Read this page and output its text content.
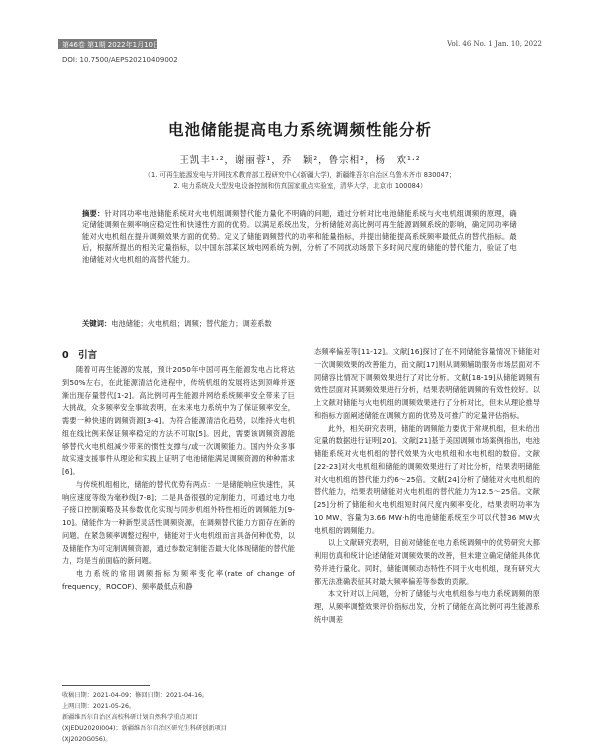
第46卷 第1期 2022年1月10日	Vol. 46 No. 1 Jan. 10, 2022
DOI: 10.7500/AEPS20210409002
电池储能提高电力系统调频性能分析
王凯丰¹·²，谢丽蓉¹，乔　颖²，鲁宗相²，杨　欢¹·²
（1. 可再生能源发电与并网技术教育部工程研究中心(新疆大学)，新疆维吾尔自治区乌鲁木齐市 830047；
2. 电力系统及大型发电设备控制和仿真国家重点实验室，清华大学，北京市 100084）
摘要：针对同功率电池储能系统对火电机组调频替代能力量化不明确的问题，通过分析对比电池储能系统与火电机组调频的原理，确定储能调频在频率响应稳定性和快速性方面的优势。以满足系统出发，分析储能对高比例可再生能源调频系统的影响，确定同功率储能对火电机组在提升调频效果方面的优势。定义了储能调频替代的功率和能量指标，并提出储能提高系统频率最低点的替代指标。最后，根据所提出的相关定量指标，以中国东部某区域电网系统为例，分析了不同扰动场景下多时间尺度的储能的替代能力，验证了电池储能对火电机组的高替代能力。
关键词：电池储能；火电机组；调频；替代能力；调差系数
0　引言

随着可再生能源的发展，预计2050年中国可再生能源发电占比将达到50%左右，在此能源清洁化进程中，传统机组的发展将达到顶峰并逐渐出现存量替代[1-2]。高比例可再生能源并网给系统频率安全带来了巨大挑战，众多频率安全事故表明，在未来电力系统中为了保证频率安全，需要一种快速的调频资源[3-4]。为符合能源清洁化趋势，以维持火电机组在线比例来保证频率稳定的方法不可取[5]。因此，需要该调频资源能够替代火电机组减少带来的惯性支撑与/或一次调频能力。国内外众多事故实速支援事件从理论和实践上证明了电池储能满足调频资源的种种需求[6]。

与传统机组相比，储能的替代优势有两点：一是储能响应快速性，其响应速度等级为毫秒级[7-8]；二是具备很强的定制能力，可通过电力电子接口控制策略及其参数优化实现与同步机组外特性相近的调频能力[9-10]。储能作为一种新型灵活性调频资源，在调频替代能力方面存在新的问题。在紧急频率调整过程中，储能对于火电机组而言具备何种优势，以及储能作为可定制调频资源，通过参数定制能否最大化体现储能的替代能力，均是当前面临的新问题。

电力系统的常用调频指标为频率变化率(rate of change of frequency，ROCOF)、频率最低点和静

态频率偏差等[11-12]。文献[16]探讨了在不同储能容量情况下储能对一次调频效果的改善能力，而文献[17]则从调频辅助服务市场层面对不同储容比情况下调频效果进行了对比分析。文献[18-19]从储能调频有效性层面对其调频效果进行分析，结果表明储能调频的有效性较好。以上文献对储能与火电机组的调频效果进行了分析对比，但未从理论推导和指标方面阐述储能在调频方面的优势及可推广的定量评估指标。

此外，相关研究表明，储能的调频能力要优于常规机组，但未给出定量的数据进行证明[20]。文献[21]基于美国调频市场案例指出，电池储能系统对火电机组的替代效果为火电机组和水电机组的数倍。文献[22-23]对火电机组和储能的调频效果进行了对比分析，结果表明储能对火电机组的替代能力约6～25倍。文献[24]分析了储能对火电机组的替代能力，结果表明储能对火电机组的替代能力为12.5～25倍。文献[25]分析了储能和火电机组短时间尺度内频率变化，结果表明功率为10 MW、容量为3.66 MW·h的电池储能系统至少可以代替36 MW火电机组的调频能力。

以上文献研究表明，目前对储能在电力系统调频中的优势研究大都利用仿真和统计论述储能对调频效果的改善，但未建立确定储能具体优势并进行量化。同时，储能调频动态特性不同于火电机组，现有研究大都无法准确表征其对最大频率偏差等参数的贡献。

本文针对以上问题，分析了储能与火电机组参与电力系统调频的原理，从频率调整效果评价指标出发，分析了储能在高比例可再生能源系统中调差

收稿日期：2021-04-09；修回日期：2021-04-16。
上网日期：2021-05-26。
新疆维吾尔自治区高校科研计划自然科学重点项目
(XJEDU2020I004)；新疆维吾尔自治区研究生科研创新项目
(XJ2020G056)。
